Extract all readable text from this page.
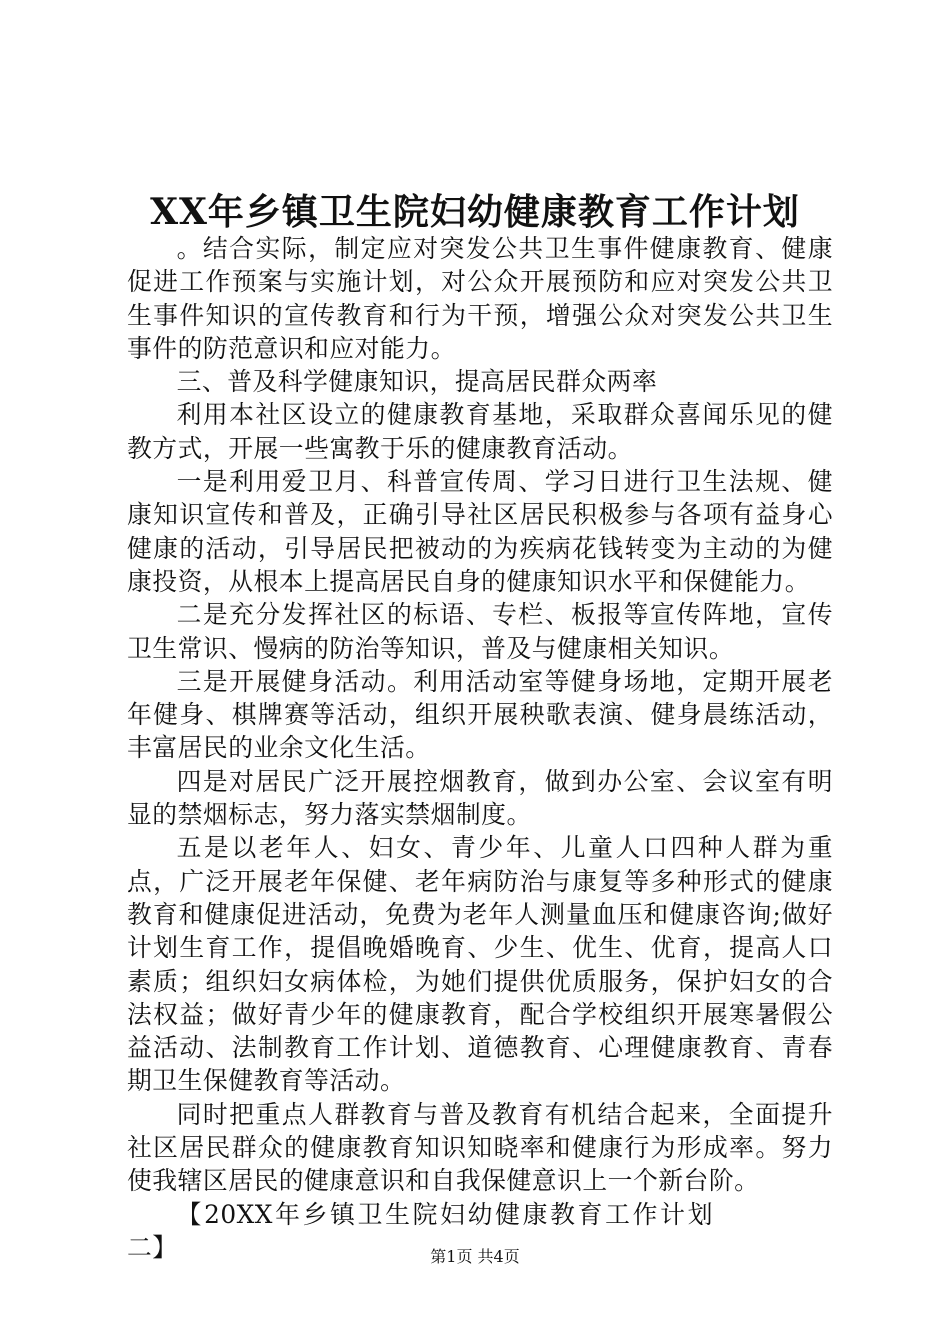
XX年乡镇卫生院妇幼健康教育工作计划

。结合实际，制定应对突发公共卫生事件健康教育、健康促进工作预案与实施计划，对公众开展预防和应对突发公共卫生事件知识的宣传教育和行为干预，增强公众对突发公共卫生事件的防范意识和应对能力。

三、普及科学健康知识，提高居民群众两率

利用本社区设立的健康教育基地，采取群众喜闻乐见的健教方式，开展一些寓教于乐的健康教育活动。

一是利用爱卫月、科普宣传周、学习日进行卫生法规、健康知识宣传和普及，正确引导社区居民积极参与各项有益身心健康的活动，引导居民把被动的为疾病花钱转变为主动的为健康投资，从根本上提高居民自身的健康知识水平和保健能力。

二是充分发挥社区的标语、专栏、板报等宣传阵地，宣传卫生常识、慢病的防治等知识，普及与健康相关知识。

三是开展健身活动。利用活动室等健身场地，定期开展老年健身、棋牌赛等活动，组织开展秧歌表演、健身晨练活动，丰富居民的业余文化生活。

四是对居民广泛开展控烟教育，做到办公室、会议室有明显的禁烟标志，努力落实禁烟制度。

五是以老年人、妇女、青少年、儿童人口四种人群为重点，广泛开展老年保健、老年病防治与康复等多种形式的健康教育和健康促进活动，免费为老年人测量血压和健康咨询;做好计划生育工作，提倡晚婚晚育、少生、优生、优育，提高人口素质；组织妇女病体检，为她们提供优质服务，保护妇女的合法权益；做好青少年的健康教育，配合学校组织开展寒暑假公益活动、法制教育工作计划、道德教育、心理健康教育、青春期卫生保健教育等活动。

同时把重点人群教育与普及教育有机结合起来，全面提升社区居民群众的健康教育知识知晓率和健康行为形成率。努力使我辖区居民的健康意识和自我保健意识上一个新台阶。

【20XX年乡镇卫生院妇幼健康教育工作计划二】	第1页 共4页
